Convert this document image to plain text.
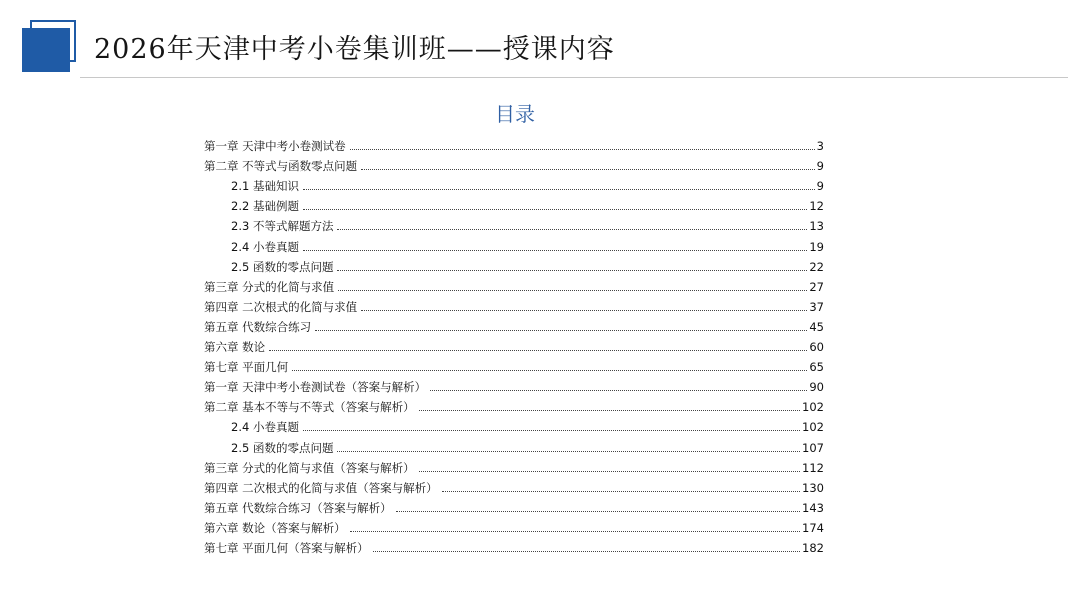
2026年天津中考小卷集训班——授课内容
目录
第一章 天津中考小卷测试卷	3
第二章 不等式与函数零点问题	9
2.1 基础知识	9
2.2 基础例题	12
2.3 不等式解题方法	13
2.4 小卷真题	19
2.5 函数的零点问题	22
第三章 分式的化简与求值	27
第四章 二次根式的化简与求值	37
第五章 代数综合练习	45
第六章 数论	60
第七章 平面几何	65
第一章 天津中考小卷测试卷（答案与解析）	90
第二章 基本不等与不等式（答案与解析）	102
2.4 小卷真题	102
2.5 函数的零点问题	107
第三章 分式的化简与求值（答案与解析）	112
第四章 二次根式的化简与求值（答案与解析）	130
第五章 代数综合练习（答案与解析）	143
第六章 数论（答案与解析）	174
第七章 平面几何（答案与解析）	182
